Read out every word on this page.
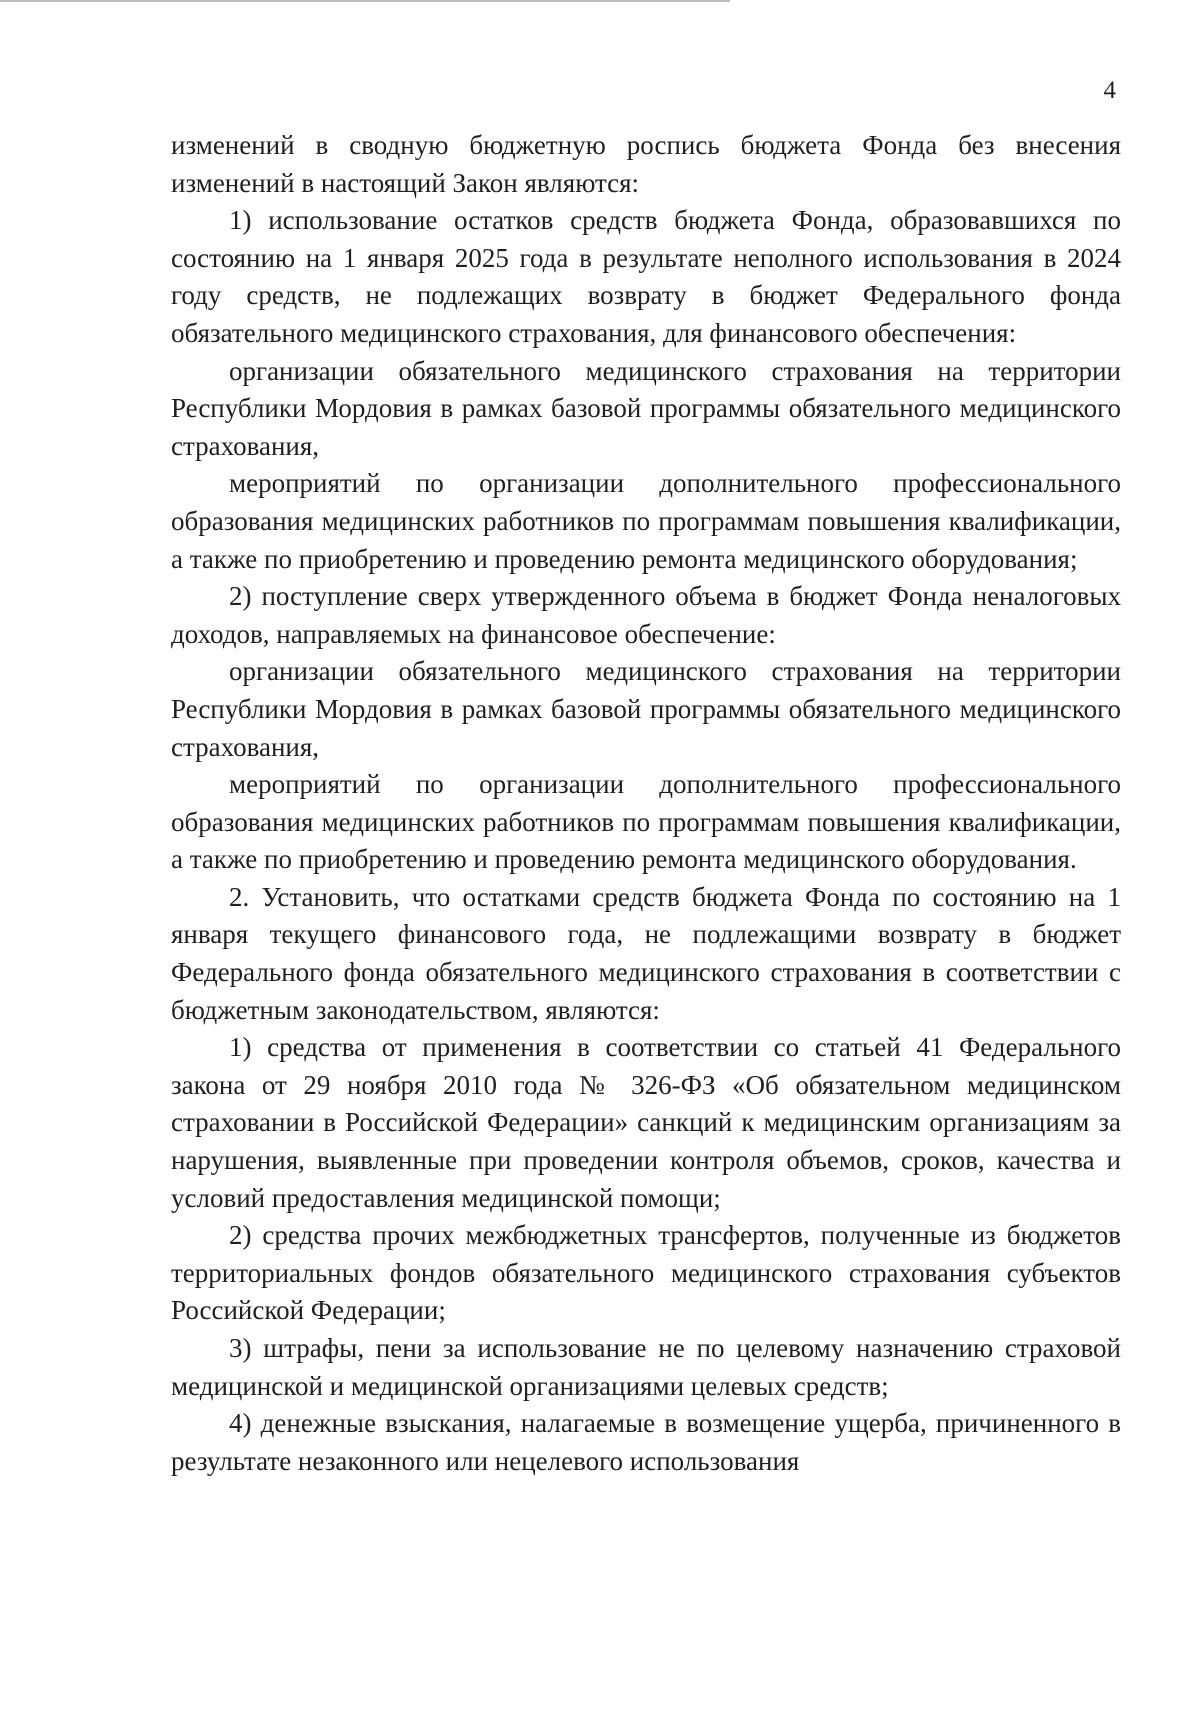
4

изменений в сводную бюджетную роспись бюджета Фонда без внесения изменений в настоящий Закон являются:

1) использование остатков средств бюджета Фонда, образовавшихся по состоянию на 1 января 2025 года в результате неполного использования в 2024 году средств, не подлежащих возврату в бюджет Федерального фонда обязательного медицинского страхования, для финансового обеспечения:

организации обязательного медицинского страхования на территории Республики Мордовия в рамках базовой программы обязательного медицинского страхования,

мероприятий по организации дополнительного профессионального образования медицинских работников по программам повышения квалификации, а также по приобретению и проведению ремонта медицинского оборудования;

2) поступление сверх утвержденного объема в бюджет Фонда неналоговых доходов, направляемых на финансовое обеспечение:

организации обязательного медицинского страхования на территории Республики Мордовия в рамках базовой программы обязательного медицинского страхования,

мероприятий по организации дополнительного профессионального образования медицинских работников по программам повышения квалификации, а также по приобретению и проведению ремонта медицинского оборудования.

2. Установить, что остатками средств бюджета Фонда по состоянию на 1 января текущего финансового года, не подлежащими возврату в бюджет Федерального фонда обязательного медицинского страхования в соответствии с бюджетным законодательством, являются:

1) средства от применения в соответствии со статьей 41 Федерального закона от 29 ноября 2010 года № 326-ФЗ «Об обязательном медицинском страховании в Российской Федерации» санкций к медицинским организациям за нарушения, выявленные при проведении контроля объемов, сроков, качества и условий предоставления медицинской помощи;

2) средства прочих межбюджетных трансфертов, полученные из бюджетов территориальных фондов обязательного медицинского страхования субъектов Российской Федерации;

3) штрафы, пени за использование не по целевому назначению страховой медицинской и медицинской организациями целевых средств;

4) денежные взыскания, налагаемые в возмещение ущерба, причиненного в результате незаконного или нецелевого использования
